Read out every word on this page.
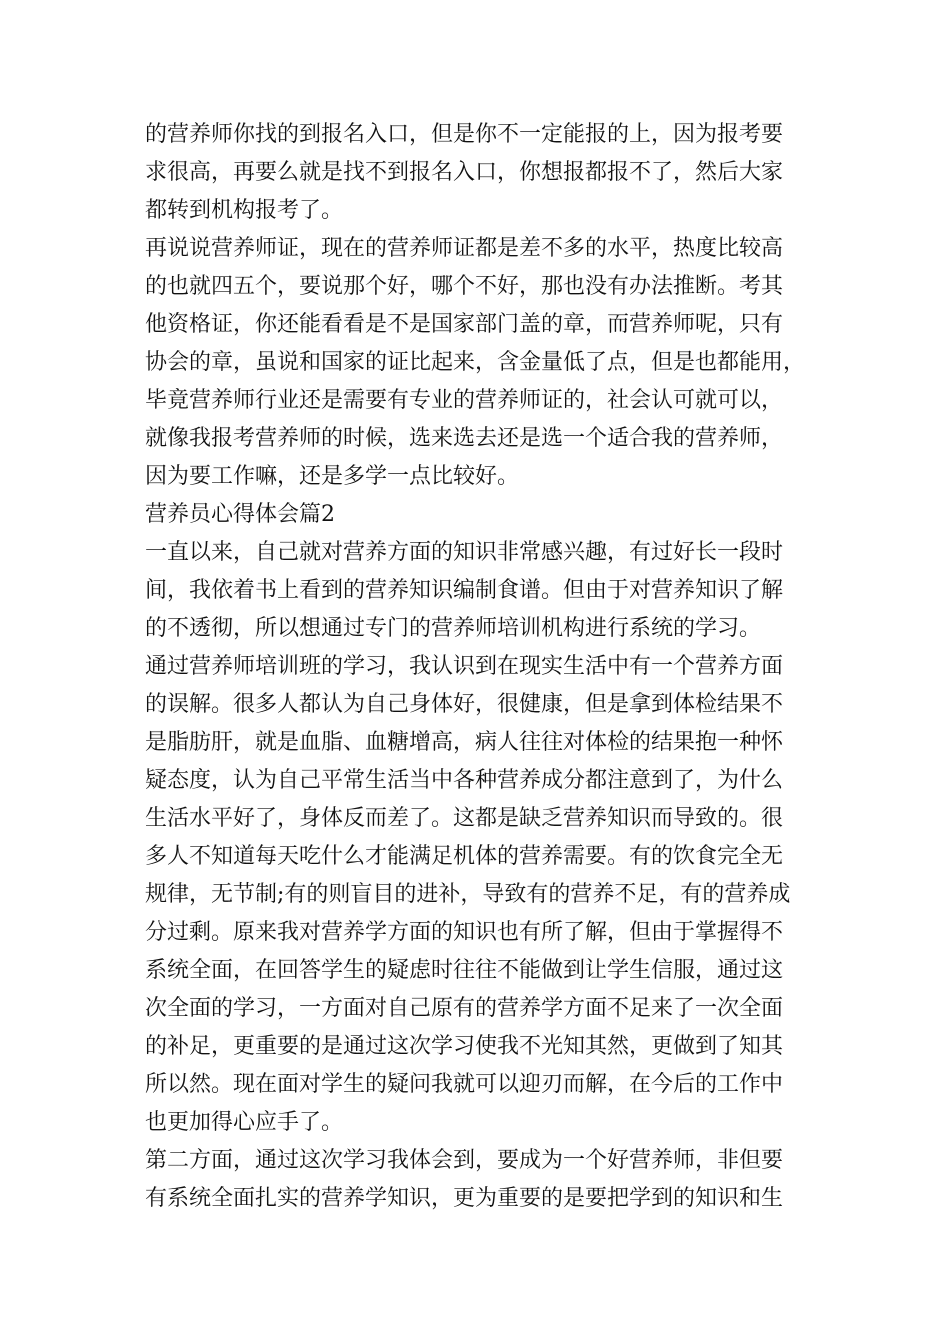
的营养师你找的到报名入口，但是你不一定能报的上，因为报考要
求很高，再要么就是找不到报名入口，你想报都报不了，然后大家
都转到机构报考了。
再说说营养师证，现在的营养师证都是差不多的水平，热度比较高
的也就四五个，要说那个好，哪个不好，那也没有办法推断。考其
他资格证，你还能看看是不是国家部门盖的章，而营养师呢，只有
协会的章，虽说和国家的证比起来，含金量低了点，但是也都能用，
毕竟营养师行业还是需要有专业的营养师证的，社会认可就可以，
就像我报考营养师的时候，选来选去还是选一个适合我的营养师，
因为要工作嘛，还是多学一点比较好。
营养员心得体会篇2
一直以来，自己就对营养方面的知识非常感兴趣，有过好长一段时
间，我依着书上看到的营养知识编制食谱。但由于对营养知识了解
的不透彻，所以想通过专门的营养师培训机构进行系统的学习。
通过营养师培训班的学习，我认识到在现实生活中有一个营养方面
的误解。很多人都认为自己身体好，很健康，但是拿到体检结果不
是脂肪肝，就是血脂、血糖增高，病人往往对体检的结果抱一种怀
疑态度，认为自己平常生活当中各种营养成分都注意到了，为什么
生活水平好了，身体反而差了。这都是缺乏营养知识而导致的。很
多人不知道每天吃什么才能满足机体的营养需要。有的饮食完全无
规律，无节制;有的则盲目的进补，导致有的营养不足，有的营养成
分过剩。原来我对营养学方面的知识也有所了解，但由于掌握得不
系统全面，在回答学生的疑虑时往往不能做到让学生信服，通过这
次全面的学习，一方面对自己原有的营养学方面不足来了一次全面
的补足，更重要的是通过这次学习使我不光知其然，更做到了知其
所以然。现在面对学生的疑问我就可以迎刃而解，在今后的工作中
也更加得心应手了。
第二方面，通过这次学习我体会到，要成为一个好营养师，非但要
有系统全面扎实的营养学知识，更为重要的是要把学到的知识和生
